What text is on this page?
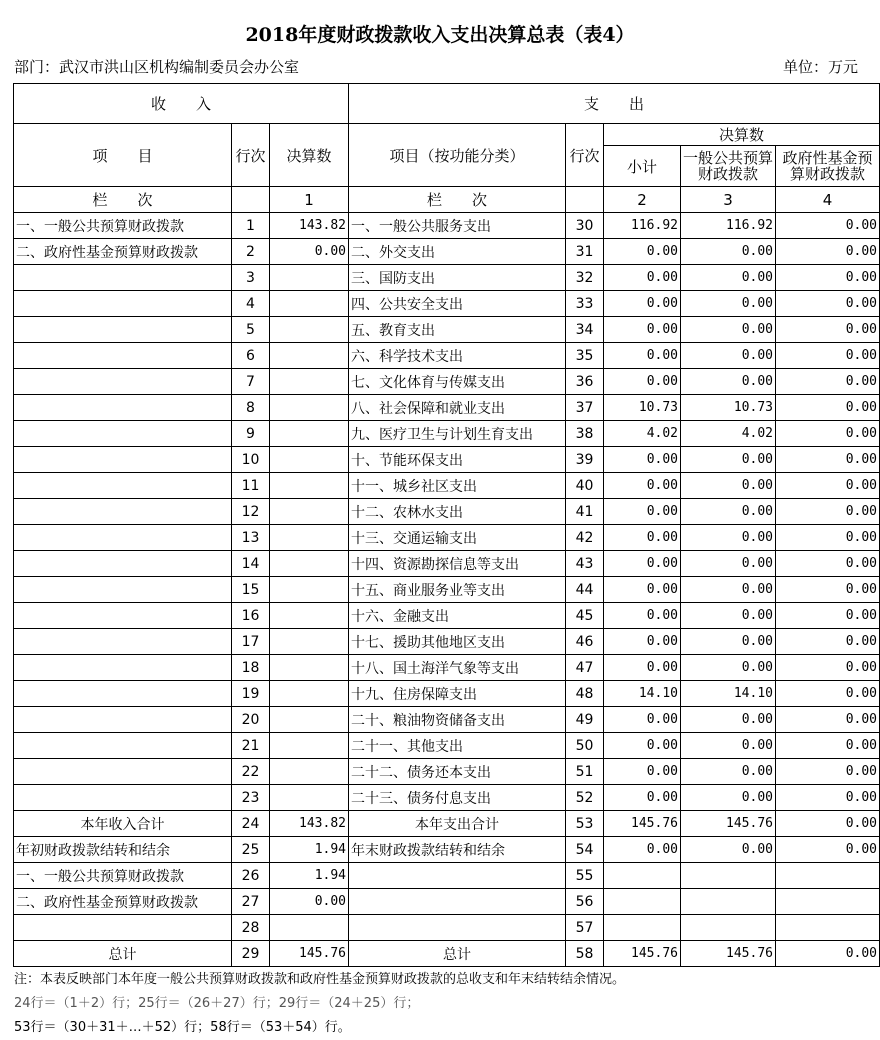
2018年度财政拨款收入支出决算总表（表4）
部门：武汉市洪山区机构编制委员会办公室	单位：万元
收　　入			支　　出				
项　　目	行次	决算数	项目（按功能分类）	行次	决算数		
					小计	一般公共预算财政拨款	政府性基金预算财政拨款
栏　　次		1	栏　　次		2	3	4
一、一般公共预算财政拨款	1	143.82	一、一般公共服务支出	30	116.92	116.92	0.00
二、政府性基金预算财政拨款	2	0.00	二、外交支出	31	0.00	0.00	0.00
	3		三、国防支出	32	0.00	0.00	0.00
	4		四、公共安全支出	33	0.00	0.00	0.00
	5		五、教育支出	34	0.00	0.00	0.00
	6		六、科学技术支出	35	0.00	0.00	0.00
	7		七、文化体育与传媒支出	36	0.00	0.00	0.00
	8		八、社会保障和就业支出	37	10.73	10.73	0.00
	9		九、医疗卫生与计划生育支出	38	4.02	4.02	0.00
	10		十、节能环保支出	39	0.00	0.00	0.00
	11		十一、城乡社区支出	40	0.00	0.00	0.00
	12		十二、农林水支出	41	0.00	0.00	0.00
	13		十三、交通运输支出	42	0.00	0.00	0.00
	14		十四、资源勘探信息等支出	43	0.00	0.00	0.00
	15		十五、商业服务业等支出	44	0.00	0.00	0.00
	16		十六、金融支出	45	0.00	0.00	0.00
	17		十七、援助其他地区支出	46	0.00	0.00	0.00
	18		十八、国土海洋气象等支出	47	0.00	0.00	0.00
	19		十九、住房保障支出	48	14.10	14.10	0.00
	20		二十、粮油物资储备支出	49	0.00	0.00	0.00
	21		二十一、其他支出	50	0.00	0.00	0.00
	22		二十二、债务还本支出	51	0.00	0.00	0.00
	23		二十三、债务付息支出	52	0.00	0.00	0.00
本年收入合计	24	143.82	本年支出合计	53	145.76	145.76	0.00
年初财政拨款结转和结余	25	1.94	年末财政拨款结转和结余	54	0.00	0.00	0.00
一、一般公共预算财政拨款	26	1.94		55			
二、政府性基金预算财政拨款	27	0.00		56			
	28			57			
总计	29	145.76	总计	58	145.76	145.76	0.00
注：本表反映部门本年度一般公共预算财政拨款和政府性基金预算财政拨款的总收支和年末结转结余情况。
24行＝（1＋2）行；25行＝（26＋27）行；29行＝（24＋25）行；
53行＝（30＋31＋…＋52）行；58行＝（53＋54）行。
